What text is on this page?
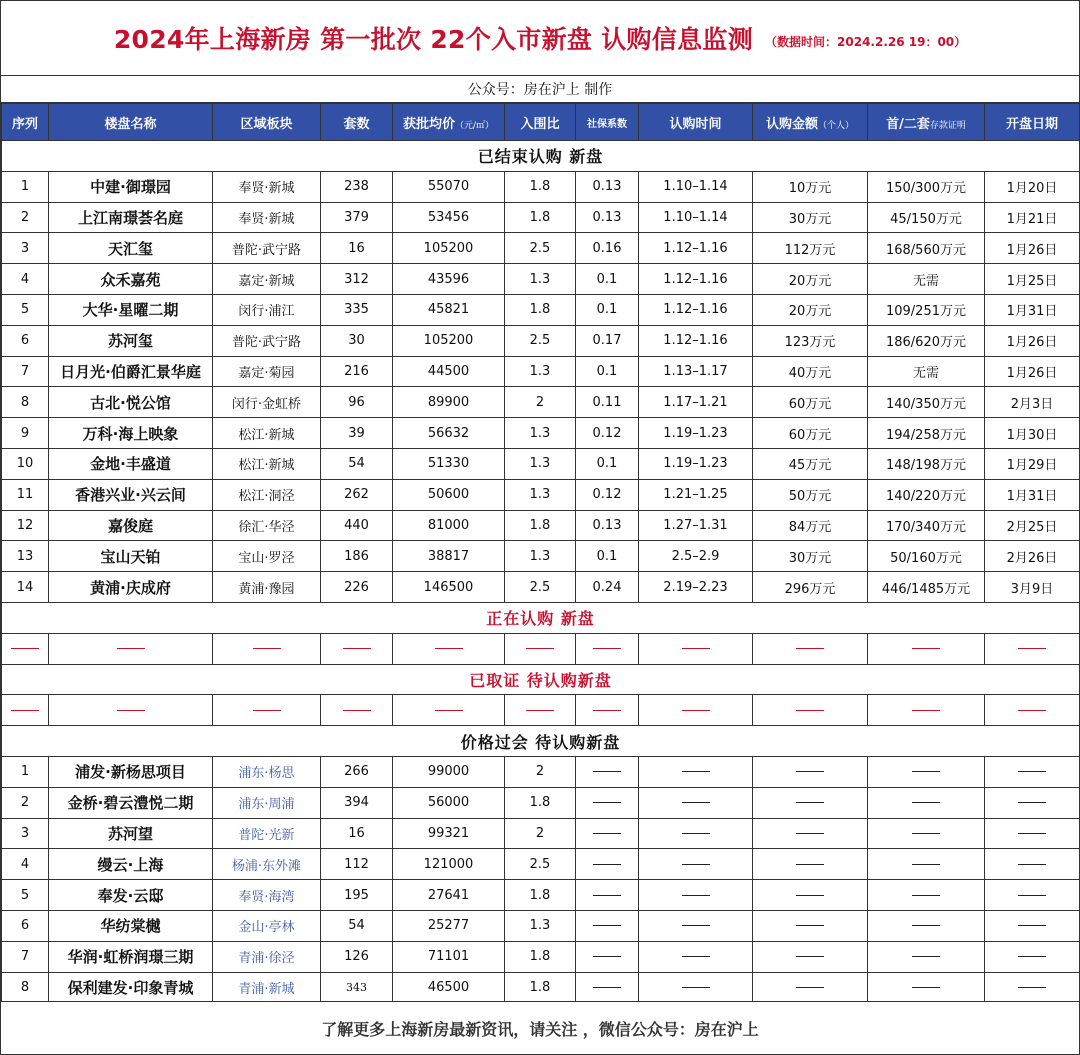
2024年上海新房 第一批次 22个入市新盘 认购信息监测 （数据时间：2024.2.26 19：00）
公众号：房在沪上 制作
序列	楼盘名称	区域板块	套数	获批均价（元/㎡）	入围比	社保系数	认购时间	认购金额（个人）	首/二套存款证明	开盘日期
已结束认购 新盘										
1	中建·御璟园	奉贤·新城	238	55070	1.8	0.13	1.10–1.14	10万元	150/300万元	1月20日
2	上江南璟荟名庭	奉贤·新城	379	53456	1.8	0.13	1.10–1.14	30万元	45/150万元	1月21日
3	天汇玺	普陀·武宁路	16	105200	2.5	0.16	1.12–1.16	112万元	168/560万元	1月26日
4	众禾嘉苑	嘉定·新城	312	43596	1.3	0.1	1.12–1.16	20万元	无需	1月25日
5	大华·星曜二期	闵行·浦江	335	45821	1.8	0.1	1.12–1.16	20万元	109/251万元	1月31日
6	苏河玺	普陀·武宁路	30	105200	2.5	0.17	1.12–1.16	123万元	186/620万元	1月26日
7	日月光·伯爵汇景华庭	嘉定·菊园	216	44500	1.3	0.1	1.13–1.17	40万元	无需	1月26日
8	古北·悦公馆	闵行·金虹桥	96	89900	2	0.11	1.17–1.21	60万元	140/350万元	2月3日
9	万科·海上映象	松江·新城	39	56632	1.3	0.12	1.19–1.23	60万元	194/258万元	1月30日
10	金地·丰盛道	松江·新城	54	51330	1.3	0.1	1.19–1.23	45万元	148/198万元	1月29日
11	香港兴业·兴云间	松江·洞泾	262	50600	1.3	0.12	1.21–1.25	50万元	140/220万元	1月31日
12	嘉俊庭	徐汇·华泾	440	81000	1.8	0.13	1.27–1.31	84万元	170/340万元	2月25日
13	宝山天铂	宝山·罗泾	186	38817	1.3	0.1	2.5–2.9	30万元	50/160万元	2月26日
14	黄浦·庆成府	黄浦·豫园	226	146500	2.5	0.24	2.19–2.23	296万元	446/1485万元	3月9日
正在认购 新盘										

已取证 待认购新盘										

价格过会 待认购新盘										
1	浦发·新杨思项目	浦东·杨思	266	99000	2					
2	金桥·碧云澧悦二期	浦东·周浦	394	56000	1.8					
3	苏河望	普陀·光新	16	99321	2					
4	缦云·上海	杨浦·东外滩	112	121000	2.5					
5	奉发·云邸	奉贤·海湾	195	27641	1.8					
6	华纺棠樾	金山·亭林	54	25277	1.3					
7	华润·虹桥润璟三期	青浦·徐泾	126	71101	1.8					
8	保利建发·印象青城	青浦·新城	343	46500	1.8					
了解更多上海新房最新资讯，请关注 ，微信公众号：房在沪上
